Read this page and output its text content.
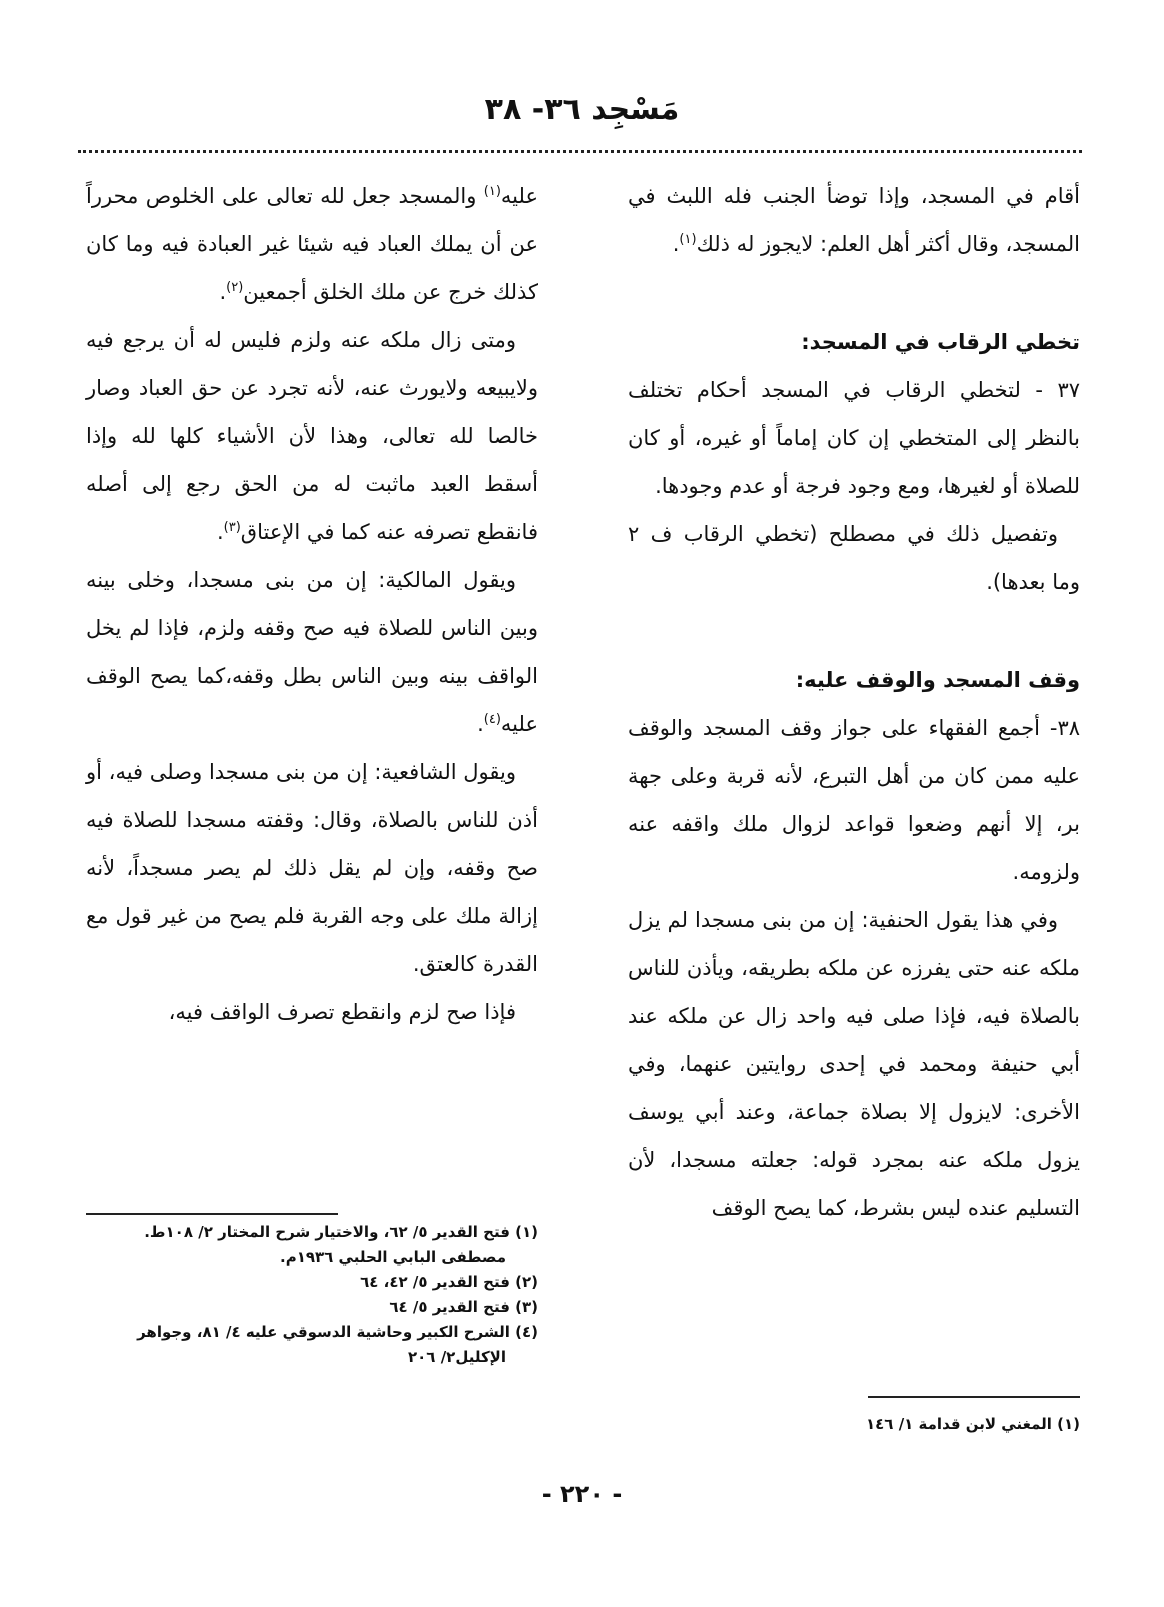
مَسْجِد ٣٦- ٣٨

أقام في المسجد، وإذا توضأ الجنب فله اللبث في المسجد، وقال أكثر أهل العلم: لايجوز له ذلك$^{(١)}$.

تخطي الرقاب في المسجد:

٣٧ - لتخطي الرقاب في المسجد أحكام تختلف بالنظر إلى المتخطي إن كان إماماً أو غيره، أو كان للصلاة أو لغيرها، ومع وجود فرجة أو عدم وجودها.

وتفصيل ذلك في مصطلح (تخطي الرقاب ف ٢ وما بعدها).

وقف المسجد والوقف عليه:

٣٨- أجمع الفقهاء على جواز وقف المسجد والوقف عليه ممن كان من أهل التبرع، لأنه قربة وعلى جهة بر، إلا أنهم وضعوا قواعد لزوال ملك واقفه عنه ولزومه.

وفي هذا يقول الحنفية: إن من بنى مسجدا لم يزل ملكه عنه حتى يفرزه عن ملكه بطريقه، ويأذن للناس بالصلاة فيه، فإذا صلى فيه واحد زال عن ملكه عند أبي حنيفة ومحمد في إحدى روايتين عنهما، وفي الأخرى: لايزول إلا بصلاة جماعة، وعند أبي يوسف يزول ملكه عنه بمجرد قوله: جعلته مسجدا، لأن التسليم عنده ليس بشرط، كما يصح الوقف

عليه$^{(١)}$ والمسجد جعل لله تعالى على الخلوص محرراً عن أن يملك العباد فيه شيئا غير العبادة فيه وما كان كذلك خرج عن ملك الخلق أجمعين$^{(٢)}$.

ومتى زال ملكه عنه ولزم فليس له أن يرجع فيه ولايبيعه ولايورث عنه، لأنه تجرد عن حق العباد وصار خالصا لله تعالى، وهذا لأن الأشياء كلها لله وإذا أسقط العبد ماثبت له من الحق رجع إلى أصله فانقطع تصرفه عنه كما في الإعتاق$^{(٣)}$.

ويقول المالكية: إن من بنى مسجدا، وخلى بينه وبين الناس للصلاة فيه صح وقفه ولزم، فإذا لم يخل الواقف بينه وبين الناس بطل وقفه،كما يصح الوقف عليه$^{(٤)}$.

ويقول الشافعية: إن من بنى مسجدا وصلى فيه، أو أذن للناس بالصلاة، وقال: وقفته مسجدا للصلاة فيه صح وقفه، وإن لم يقل ذلك لم يصر مسجداً، لأنه إزالة ملك على وجه القربة فلم يصح من غير قول مع القدرة كالعتق.

فإذا صح لزم وانقطع تصرف الواقف فيه،

(١) فتح القدير ٥/ ٦٢، والاختيار شرح المختار ٢/ ١٠٨ط.
مصطفى البابي الحلبي ١٩٣٦م.
(٢) فتح القدير ٥/ ٤٢، ٦٤
(٣) فتح القدير ٥/ ٦٤
(٤) الشرح الكبير وحاشية الدسوقي عليه ٤/ ٨١، وجواهر
الإكليل٢/ ٢٠٦
(١) المغني لابن قدامة ١/ ١٤٦
- ٢٢٠ -
